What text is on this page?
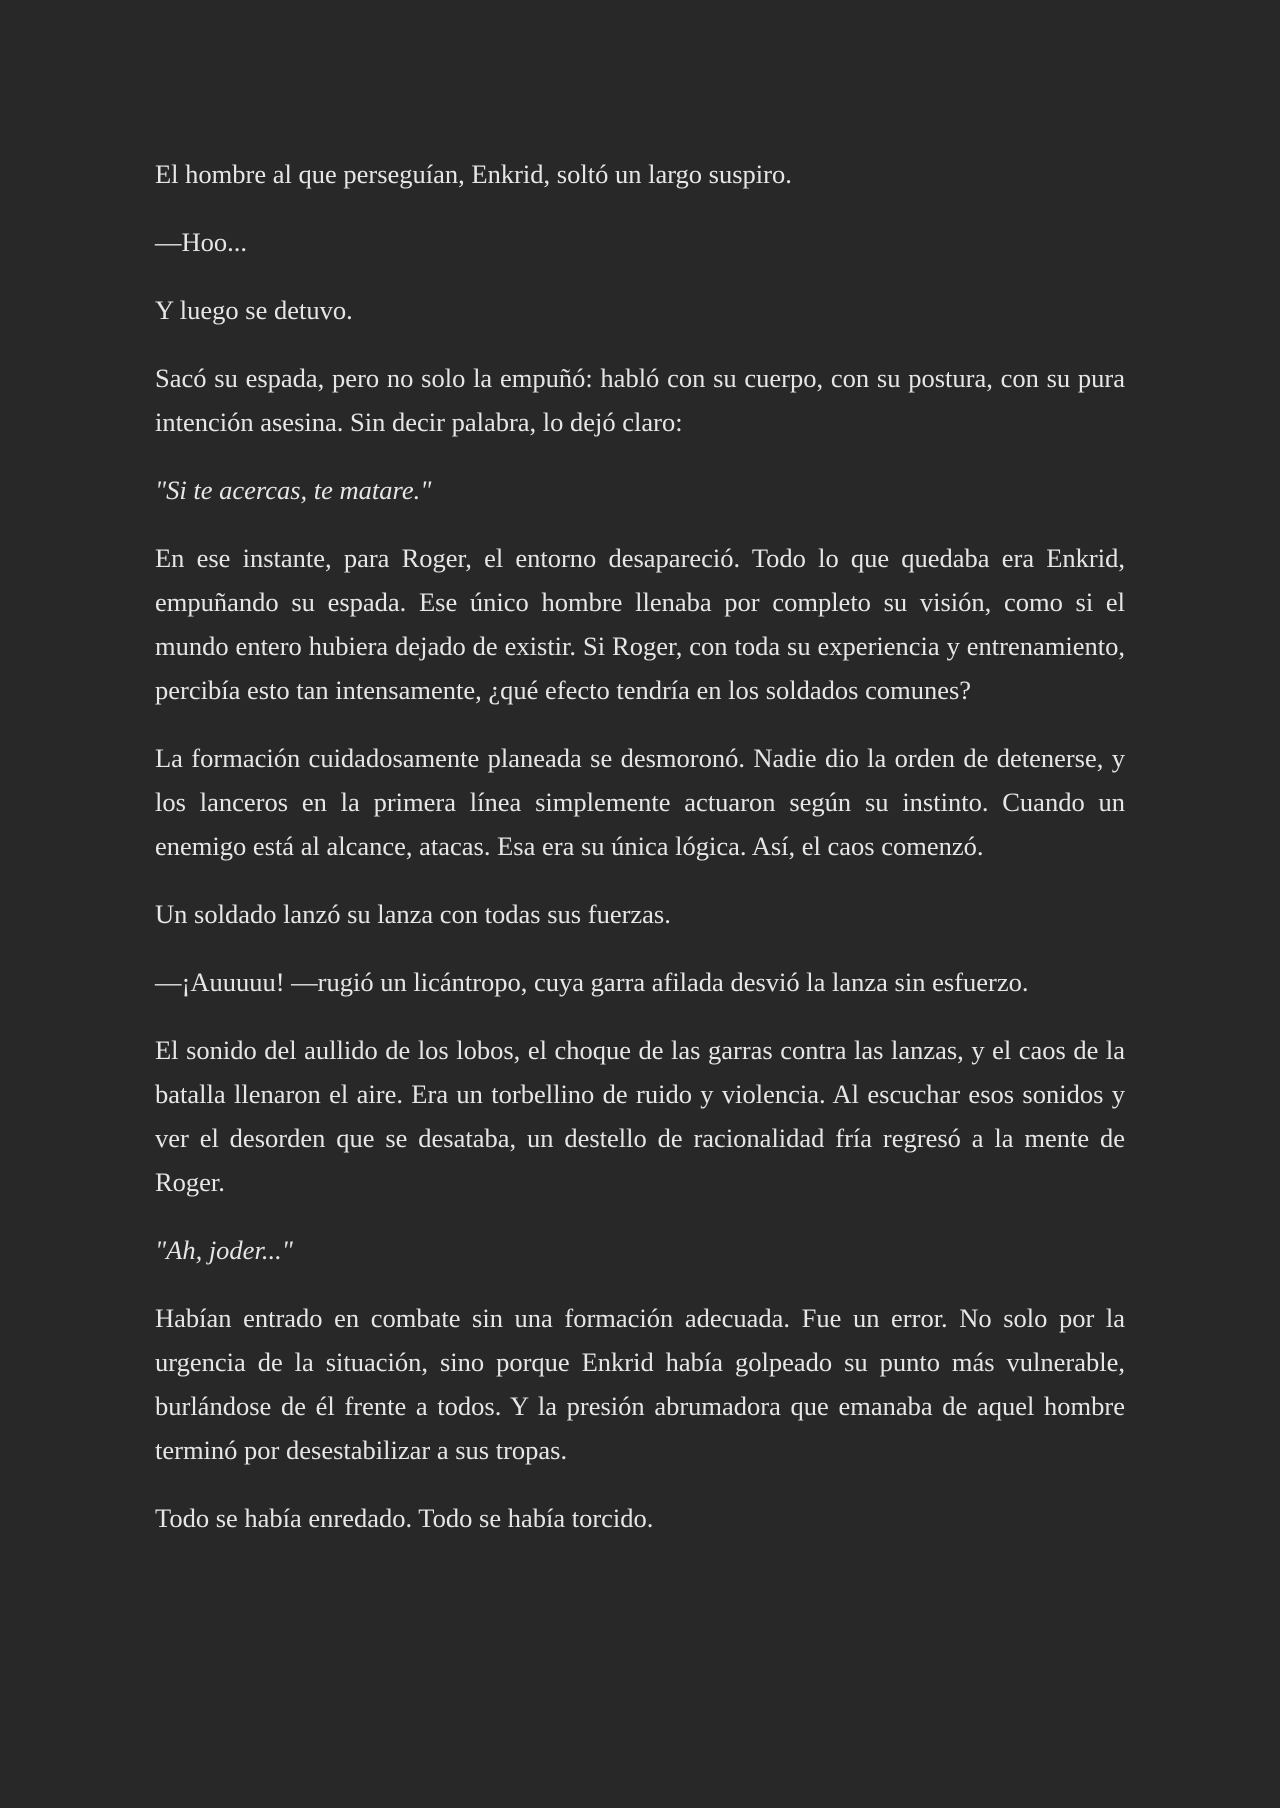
El hombre al que perseguían, Enkrid, soltó un largo suspiro.

—Hoo...

Y luego se detuvo.

Sacó su espada, pero no solo la empuñó: habló con su cuerpo, con su postura, con su pura intención asesina. Sin decir palabra, lo dejó claro:

"Si te acercas, te matare."

En ese instante, para Roger, el entorno desapareció. Todo lo que quedaba era Enkrid, empuñando su espada. Ese único hombre llenaba por completo su visión, como si el mundo entero hubiera dejado de existir. Si Roger, con toda su experiencia y entrenamiento, percibía esto tan intensamente, ¿qué efecto tendría en los soldados comunes?

La formación cuidadosamente planeada se desmoronó. Nadie dio la orden de detenerse, y los lanceros en la primera línea simplemente actuaron según su instinto. Cuando un enemigo está al alcance, atacas. Esa era su única lógica. Así, el caos comenzó.

Un soldado lanzó su lanza con todas sus fuerzas.

—¡Auuuuu! —rugió un licántropo, cuya garra afilada desvió la lanza sin esfuerzo.

El sonido del aullido de los lobos, el choque de las garras contra las lanzas, y el caos de la batalla llenaron el aire. Era un torbellino de ruido y violencia. Al escuchar esos sonidos y ver el desorden que se desataba, un destello de racionalidad fría regresó a la mente de Roger.

"Ah, joder..."

Habían entrado en combate sin una formación adecuada. Fue un error. No solo por la urgencia de la situación, sino porque Enkrid había golpeado su punto más vulnerable, burlándose de él frente a todos. Y la presión abrumadora que emanaba de aquel hombre terminó por desestabilizar a sus tropas.

Todo se había enredado. Todo se había torcido.
